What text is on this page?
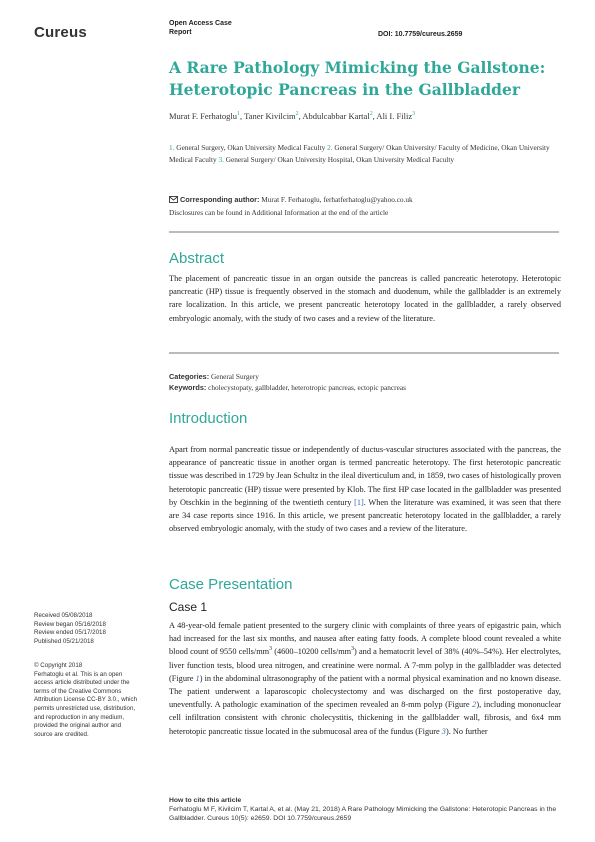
Cureus
Open Access Case
Report	DOI: 10.7759/cureus.2659
A Rare Pathology Mimicking the Gallstone: Heterotopic Pancreas in the Gallbladder
Murat F. Ferhatoglu$^1$, Taner Kivilcim$^2$, Abdulcabbar Kartal$^2$, Ali I. Filiz$^3$
1. General Surgery, Okan University Medical Faculty 2. General Surgery/ Okan University/ Faculty of Medicine, Okan University Medical Faculty 3. General Surgery/ Okan University Hospital, Okan University Medical Faculty
Corresponding author: Murat F. Ferhatoglu, ferhatferhatoglu@yahoo.co.uk
Disclosures can be found in Additional Information at the end of the article
Abstract
The placement of pancreatic tissue in an organ outside the pancreas is called pancreatic heterotopy. Heterotopic pancreatic (HP) tissue is frequently observed in the stomach and duodenum, while the gallbladder is an extremely rare localization. In this article, we present pancreatic heterotopy located in the gallbladder, a rarely observed embryologic anomaly, with the study of two cases and a review of the literature.
Categories: General Surgery
Keywords: cholecystopaty, gallbladder, heterotropic pancreas, ectopic pancreas
Introduction
Apart from normal pancreatic tissue or independently of ductus-vascular structures associated with the pancreas, the appearance of pancreatic tissue in another organ is termed pancreatic heterotopy. The first heterotopic pancreatic tissue was described in 1729 by Jean Schultz in the ileal diverticulum and, in 1859, two cases of histologically proven heterotopic pancreatic (HP) tissue were presented by Klob. The first HP case located in the gallbladder was presented by Otschkin in the beginning of the twentieth century [1]. When the literature was examined, it was seen that there are 34 case reports since 1916. In this article, we present pancreatic heterotopy located in the gallbladder, a rarely observed embryologic anomaly, with the study of two cases and a review of the literature.
Case Presentation
Case 1
A 48-year-old female patient presented to the surgery clinic with complaints of three years of epigastric pain, which had increased for the last six months, and nausea after eating fatty foods. A complete blood count revealed a white blood count of 9550 cells/$mm^3$ (4600–10200 cells/$mm^3$) and a hematocrit level of 38% (40%–54%). Her electrolytes, liver function tests, blood urea nitrogen, and creatinine were normal. A 7-mm polyp in the gallbladder was detected (Figure 1) in the abdominal ultrasonography of the patient with a normal physical examination and no known disease. The patient underwent a laparoscopic cholecystectomy and was discharged on the first postoperative day, uneventfully. A pathologic examination of the specimen revealed an 8-mm polyp (Figure 2), including mononuclear cell infiltration consistent with chronic cholecystitis, thickening in the gallbladder wall, fibrosis, and 6x4 mm heterotopic pancreatic tissue located in the submucosal area of the fundus (Figure 3). No further
Received 05/08/2018
Review began 05/16/2018
Review ended 05/17/2018
Published 05/21/2018
© Copyright 2018
Ferhatoglu et al. This is an open access article distributed under the terms of the Creative Commons Attribution License CC-BY 3.0., which permits unrestricted use, distribution, and reproduction in any medium, provided the original author and source are credited.
How to cite this article
Ferhatoglu M F, Kivilcim T, Kartal A, et al. (May 21, 2018) A Rare Pathology Mimicking the Gallstone: Heterotopic Pancreas in the Gallbladder. Cureus 10(5): e2659. DOI 10.7759/cureus.2659
